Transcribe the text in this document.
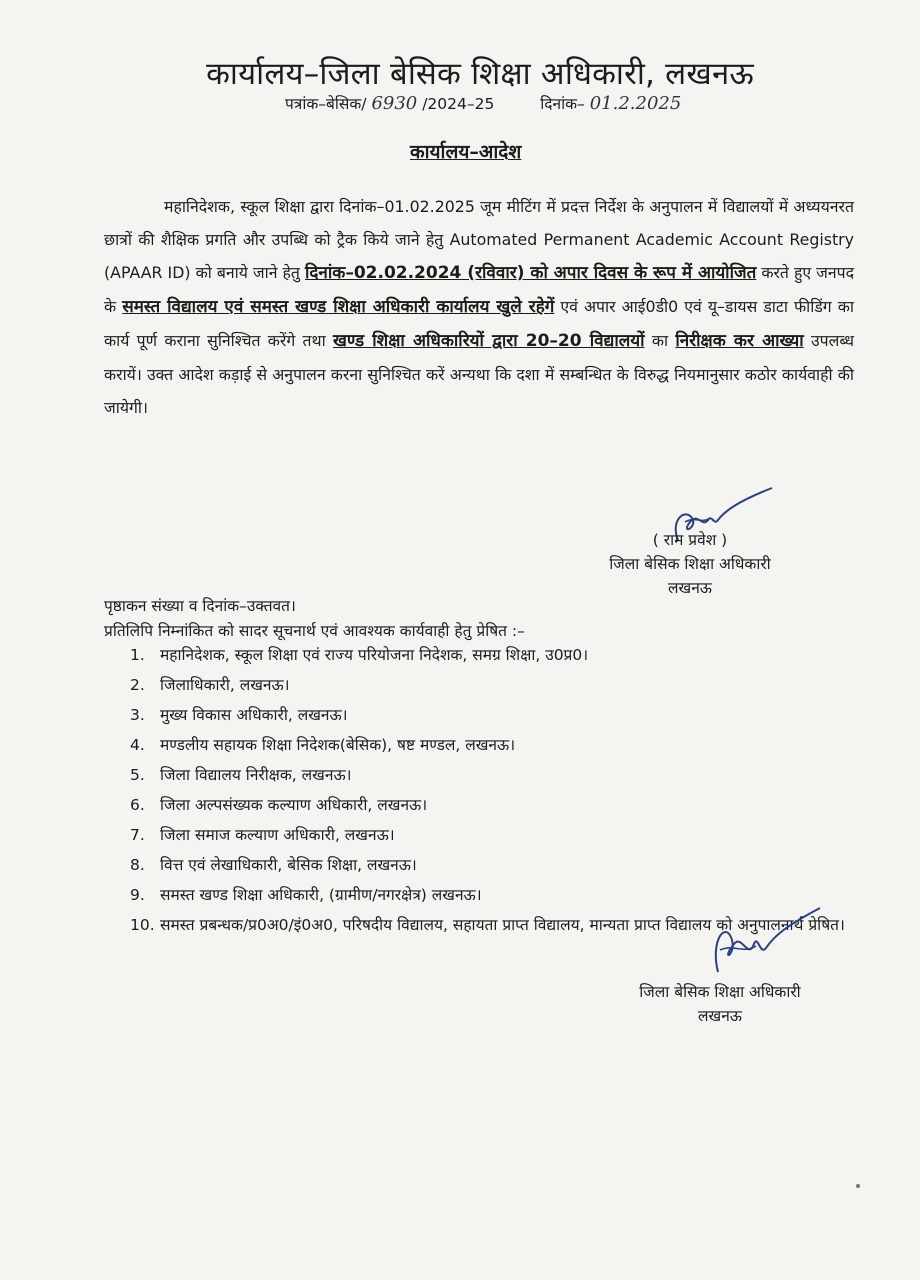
कार्यालय–जिला बेसिक शिक्षा अधिकारी, लखनऊ
पत्रांक–बेसिक/ 6930 /2024–25	दिनांक– 01.2.2025
कार्यालय–आदेश
महानिदेशक, स्कूल शिक्षा द्वारा दिनांक–01.02.2025 जूम मीटिंग में प्रदत्त निर्देश के अनुपालन में विद्यालयों में अध्ययनरत छात्रों की शैक्षिक प्रगति और उपब्धि को ट्रैक किये जाने हेतु Automated Permanent Academic Account Registry (APAAR ID) को बनाये जाने हेतु दिनांक–02.02.2024 (रविवार) को अपार दिवस के रूप में आयोजित करते हुए जनपद के समस्त विद्यालय एवं समस्त खण्ड शिक्षा अधिकारी कार्यालय खुले रहेगें एवं अपार आई0डी0 एवं यू–डायस डाटा फीडिंग का कार्य पूर्ण कराना सुनिश्चित करेंगे तथा खण्ड शिक्षा अधिकारियों द्वारा 20–20 विद्यालयों का निरीक्षक कर आख्या उपलब्ध करायें। उक्त आदेश कड़ाई से अनुपालन करना सुनिश्चित करें अन्यथा कि दशा में सम्बन्धित के विरुद्ध नियमानुसार कठोर कार्यवाही की जायेगी।
( राम प्रवेश )
जिला बेसिक शिक्षा अधिकारी
लखनऊ
पृष्ठाकन संख्या व दिनांक–उक्तवत।
प्रतिलिपि निम्नांकित को सादर सूचनार्थ एवं आवश्यक कार्यवाही हेतु प्रेषित :–
1. महानिदेशक, स्कूल शिक्षा एवं राज्य परियोजना निदेशक, समग्र शिक्षा, उ0प्र0।
2. जिलाधिकारी, लखनऊ।
3. मुख्य विकास अधिकारी, लखनऊ।
4. मण्डलीय सहायक शिक्षा निदेशक(बेसिक), षष्ट मण्डल, लखनऊ।
5. जिला विद्यालय निरीक्षक, लखनऊ।
6. जिला अल्पसंख्यक कल्याण अधिकारी, लखनऊ।
7. जिला समाज कल्याण अधिकारी, लखनऊ।
8. वित्त एवं लेखाधिकारी, बेसिक शिक्षा, लखनऊ।
9. समस्त खण्ड शिक्षा अधिकारी, (ग्रामीण/नगरक्षेत्र) लखनऊ।
10. समस्त प्रबन्धक/प्र0अ0/इं0अ0, परिषदीय विद्यालय, सहायता प्राप्त विद्यालय, मान्यता प्राप्त विद्यालय को अनुपालनार्थ प्रेषित।
जिला बेसिक शिक्षा अधिकारी
लखनऊ
